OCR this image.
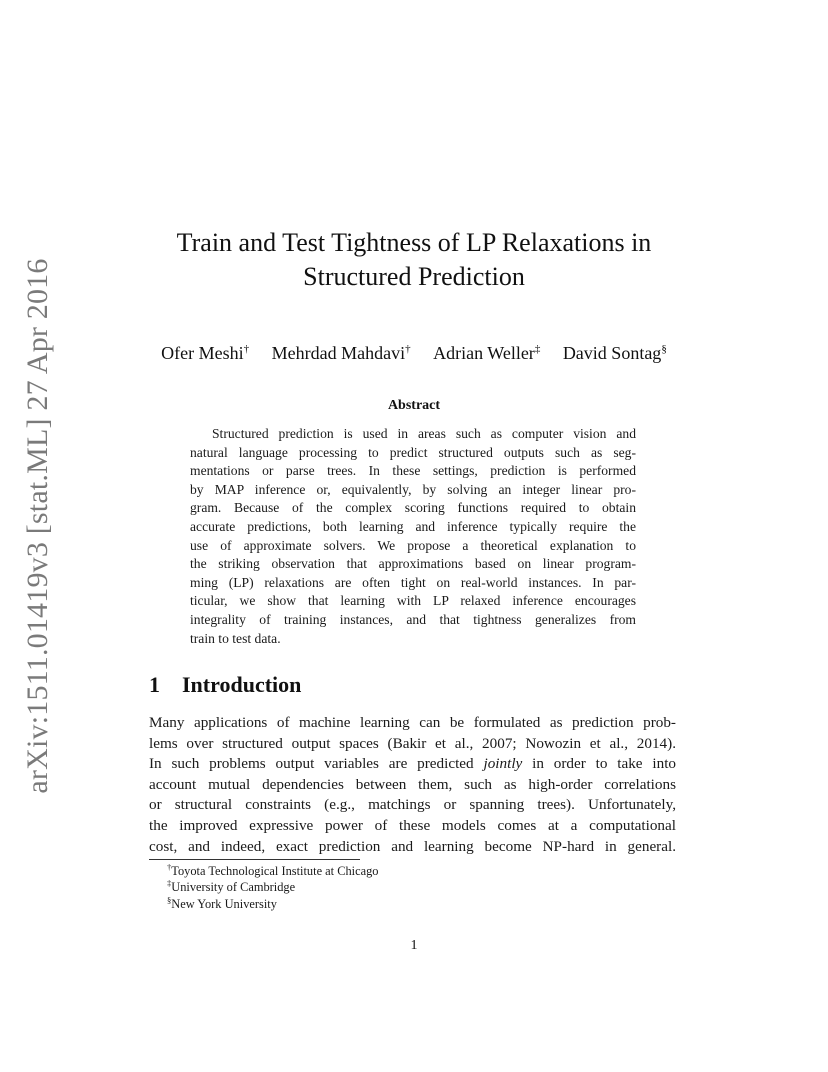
arXiv:1511.01419v3 [stat.ML] 27 Apr 2016
Train and Test Tightness of LP Relaxations in
Structured Prediction
Ofer Meshi† Mehrdad Mahdavi† Adrian Weller‡ David Sontag§
Abstract
Structured prediction is used in areas such as computer vision and
natural language processing to predict structured outputs such as seg-
mentations or parse trees. In these settings, prediction is performed
by MAP inference or, equivalently, by solving an integer linear pro-
gram. Because of the complex scoring functions required to obtain
accurate predictions, both learning and inference typically require the
use of approximate solvers. We propose a theoretical explanation to
the striking observation that approximations based on linear program-
ming (LP) relaxations are often tight on real-world instances. In par-
ticular, we show that learning with LP relaxed inference encourages
integrality of training instances, and that tightness generalizes from
train to test data.
1 Introduction
Many applications of machine learning can be formulated as prediction prob-
lems over structured output spaces (Bakir et al., 2007; Nowozin et al., 2014).
In such problems output variables are predicted jointly in order to take into
account mutual dependencies between them, such as high-order correlations
or structural constraints (e.g., matchings or spanning trees). Unfortunately,
the improved expressive power of these models comes at a computational
cost, and indeed, exact prediction and learning become NP-hard in general.
†Toyota Technological Institute at Chicago
‡University of Cambridge
§New York University
1
